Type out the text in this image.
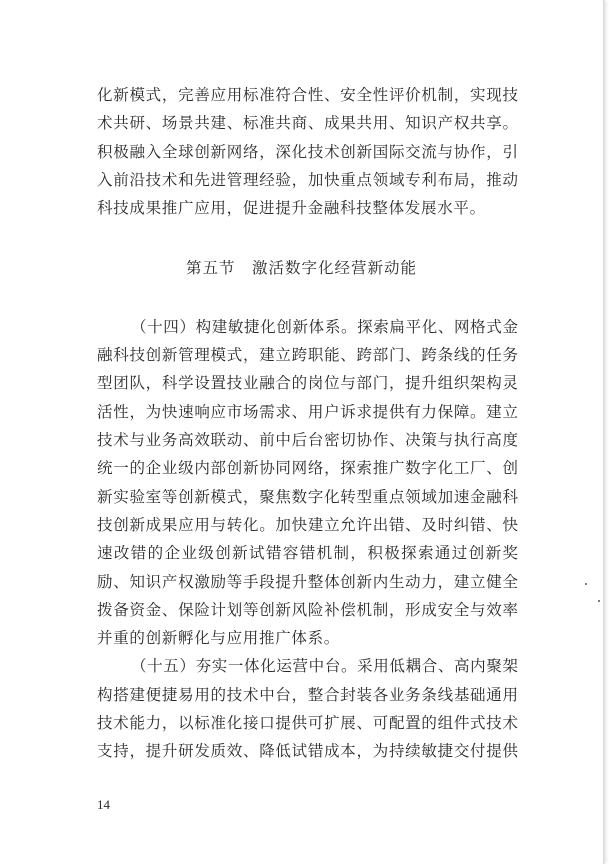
化新模式，完善应用标准符合性、安全性评价机制，实现技
术共研、场景共建、标准共商、成果共用、知识产权共享。
积极融入全球创新网络，深化技术创新国际交流与协作，引
入前沿技术和先进管理经验，加快重点领域专利布局，推动
科技成果推广应用，促进提升金融科技整体发展水平。
第五节　激活数字化经营新动能
（十四）构建敏捷化创新体系。探索扁平化、网格式金
融科技创新管理模式，建立跨职能、跨部门、跨条线的任务
型团队，科学设置技业融合的岗位与部门，提升组织架构灵
活性，为快速响应市场需求、用户诉求提供有力保障。建立
技术与业务高效联动、前中后台密切协作、决策与执行高度
统一的企业级内部创新协同网络，探索推广数字化工厂、创
新实验室等创新模式，聚焦数字化转型重点领域加速金融科
技创新成果应用与转化。加快建立允许出错、及时纠错、快
速改错的企业级创新试错容错机制，积极探索通过创新奖
励、知识产权激励等手段提升整体创新内生动力，建立健全
拨备资金、保险计划等创新风险补偿机制，形成安全与效率
并重的创新孵化与应用推广体系。
（十五）夯实一体化运营中台。采用低耦合、高内聚架
构搭建便捷易用的技术中台，整合封装各业务条线基础通用
技术能力，以标准化接口提供可扩展、可配置的组件式技术
支持，提升研发质效、降低试错成本，为持续敏捷交付提供
14
